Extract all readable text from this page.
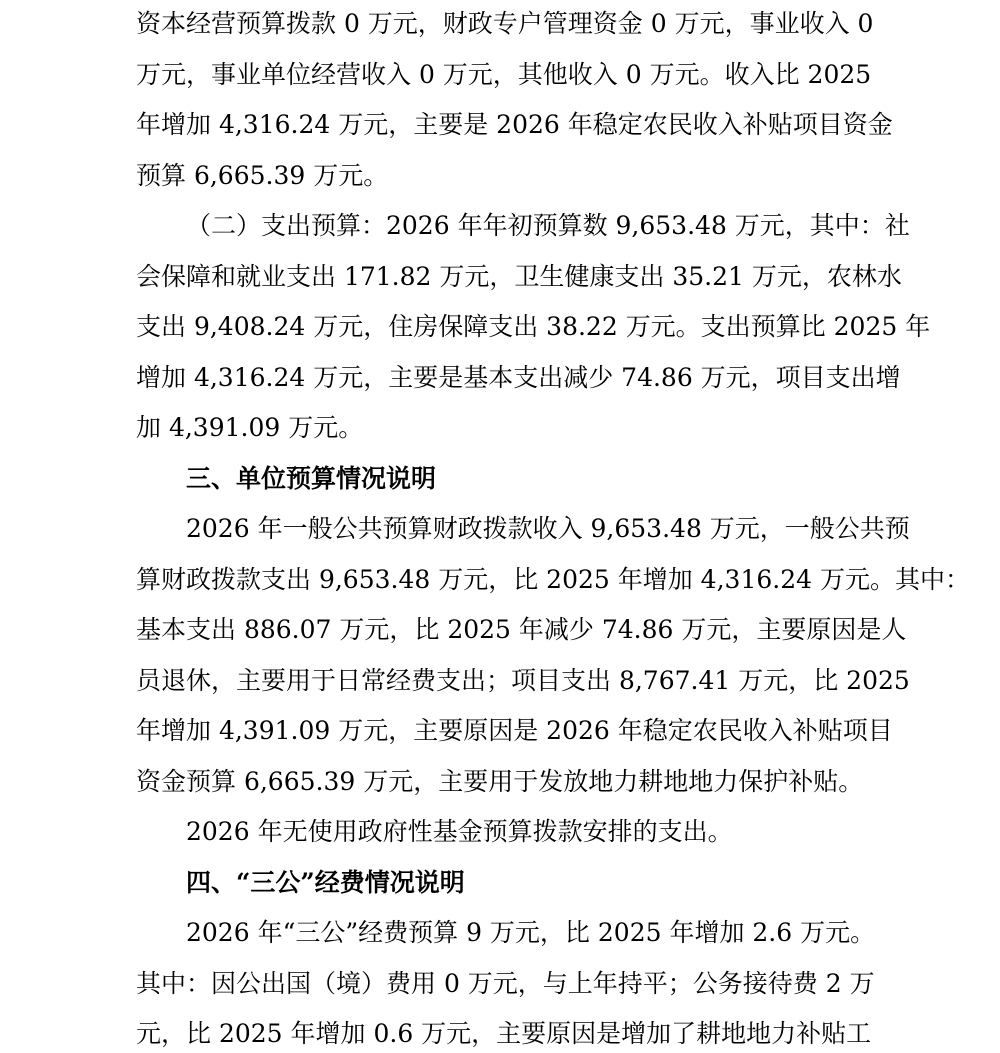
资本经营预算拨款 0 万元，财政专户管理资金 0 万元，事业收入 0
万元，事业单位经营收入 0 万元，其他收入 0 万元。收入比 2025
年增加 4,316.24 万元，主要是 2026 年稳定农民收入补贴项目资金
预算 6,665.39 万元。
（二）支出预算：2026 年年初预算数 9,653.48 万元，其中：社
会保障和就业支出 171.82 万元，卫生健康支出 35.21 万元，农林水
支出 9,408.24 万元，住房保障支出 38.22 万元。支出预算比 2025 年
增加 4,316.24 万元，主要是基本支出减少 74.86 万元，项目支出增
加 4,391.09 万元。
三、单位预算情况说明
2026 年一般公共预算财政拨款收入 9,653.48 万元，一般公共预
算财政拨款支出 9,653.48 万元，比 2025 年增加 4,316.24 万元。其中：
基本支出 886.07 万元，比 2025 年减少 74.86 万元，主要原因是人
员退休，主要用于日常经费支出；项目支出 8,767.41 万元，比 2025
年增加 4,391.09 万元，主要原因是 2026 年稳定农民收入补贴项目
资金预算 6,665.39 万元，主要用于发放地力耕地地力保护补贴。
2026 年无使用政府性基金预算拨款安排的支出。
四、“三公”经费情况说明
2026 年“三公”经费预算 9 万元，比 2025 年增加 2.6 万元。
其中：因公出国（境）费用 0 万元，与上年持平；公务接待费 2 万
元，比 2025 年增加 0.6 万元，主要原因是增加了耕地地力补贴工
